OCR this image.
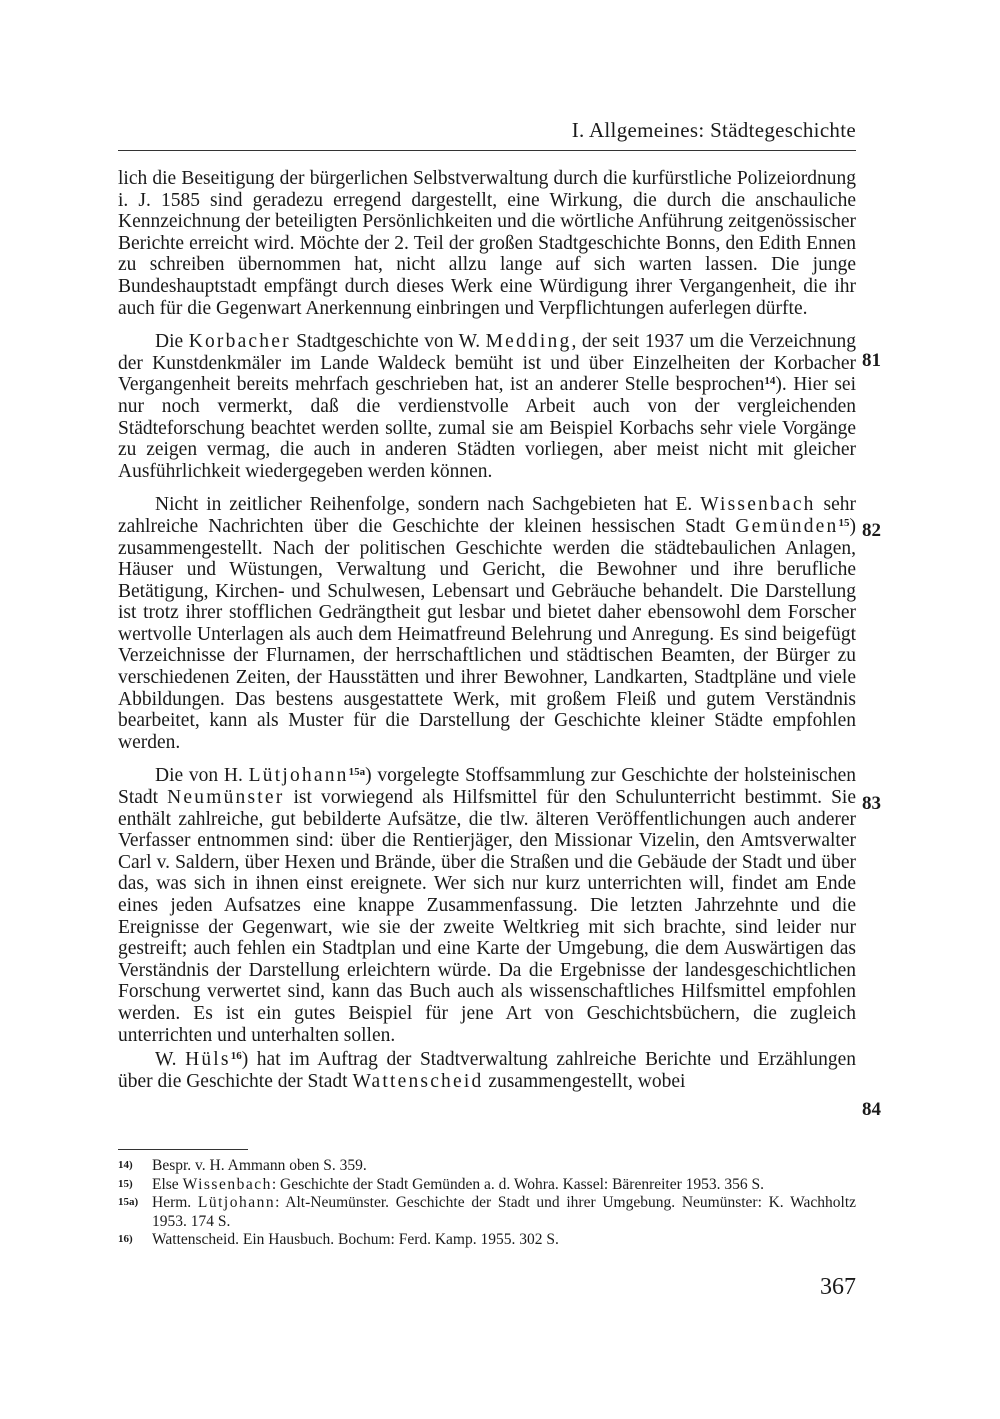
I. Allgemeines: Städtegeschichte

lich die Beseitigung der bürgerlichen Selbstverwaltung durch die kurfürstliche Polizeiordnung i. J. 1585 sind geradezu erregend dargestellt, eine Wirkung, die durch die anschauliche Kennzeichnung der beteiligten Persönlichkeiten und die wörtliche Anführung zeitgenössischer Berichte erreicht wird. Möchte der 2. Teil der großen Stadtgeschichte Bonns, den Edith Ennen zu schreiben übernommen hat, nicht allzu lange auf sich warten lassen. Die junge Bundeshauptstadt empfängt durch dieses Werk eine Würdigung ihrer Vergangenheit, die ihr auch für die Gegenwart Anerkennung einbringen und Verpflichtungen auferlegen dürfte.

Die Korbacher Stadtgeschichte von W. Medding, der seit 1937 um die Verzeichnung der Kunstdenkmäler im Lande Waldeck bemüht ist und über Einzelheiten der Korbacher Vergangenheit bereits mehrfach geschrieben hat, ist an anderer Stelle besprochen$^{14}$). Hier sei nur noch vermerkt, daß die verdienstvolle Arbeit auch von der vergleichenden Städteforschung beachtet werden sollte, zumal sie am Beispiel Korbachs sehr viele Vorgänge zu zeigen vermag, die auch in anderen Städten vorliegen, aber meist nicht mit gleicher Ausführlichkeit wiedergegeben werden können.

Nicht in zeitlicher Reihenfolge, sondern nach Sachgebieten hat E. Wissenbach sehr zahlreiche Nachrichten über die Geschichte der kleinen hessischen Stadt Gemünden$^{15}$) zusammengestellt. Nach der politischen Geschichte werden die städtebaulichen Anlagen, Häuser und Wüstungen, Verwaltung und Gericht, die Bewohner und ihre berufliche Betätigung, Kirchen- und Schulwesen, Lebensart und Gebräuche behandelt. Die Darstellung ist trotz ihrer stofflichen Gedrängtheit gut lesbar und bietet daher ebensowohl dem Forscher wertvolle Unterlagen als auch dem Heimatfreund Belehrung und Anregung. Es sind beigefügt Verzeichnisse der Flurnamen, der herrschaftlichen und städtischen Beamten, der Bürger zu verschiedenen Zeiten, der Hausstätten und ihrer Bewohner, Landkarten, Stadtpläne und viele Abbildungen. Das bestens ausgestattete Werk, mit großem Fleiß und gutem Verständnis bearbeitet, kann als Muster für die Darstellung der Geschichte kleiner Städte empfohlen werden.

Die von H. Lütjohann$^{15a}$) vorgelegte Stoffsammlung zur Geschichte der holsteinischen Stadt Neumünster ist vorwiegend als Hilfsmittel für den Schulunterricht bestimmt. Sie enthält zahlreiche, gut bebilderte Aufsätze, die tlw. älteren Veröffentlichungen auch anderer Verfasser entnommen sind: über die Rentierjäger, den Missionar Vizelin, den Amtsverwalter Carl v. Saldern, über Hexen und Brände, über die Straßen und die Gebäude der Stadt und über das, was sich in ihnen einst ereignete. Wer sich nur kurz unterrichten will, findet am Ende eines jeden Aufsatzes eine knappe Zusammenfassung. Die letzten Jahrzehnte und die Ereignisse der Gegenwart, wie sie der zweite Weltkrieg mit sich brachte, sind leider nur gestreift; auch fehlen ein Stadtplan und eine Karte der Umgebung, die dem Auswärtigen das Verständnis der Darstellung erleichtern würde. Da die Ergebnisse der landesgeschichtlichen Forschung verwertet sind, kann das Buch auch als wissenschaftliches Hilfsmittel empfohlen werden. Es ist ein gutes Beispiel für jene Art von Geschichtsbüchern, die zugleich unterrichten und unterhalten sollen.

W. Hüls$^{16}$) hat im Auftrag der Stadtverwaltung zahlreiche Berichte und Erzählungen über die Geschichte der Stadt Wattenscheid zusammengestellt, wobei

81
82
83
84
14)	Bespr. v. H. Ammann oben S. 359.
15)	Else Wissenbach: Geschichte der Stadt Gemünden a. d. Wohra. Kassel: Bärenreiter 1953. 356 S.
15a) Herm. Lütjohann: Alt-Neumünster. Geschichte der Stadt und ihrer Umgebung. Neumünster: K. Wachholtz 1953. 174 S.
16)	Wattenscheid. Ein Hausbuch. Bochum: Ferd. Kamp. 1955. 302 S.
367
